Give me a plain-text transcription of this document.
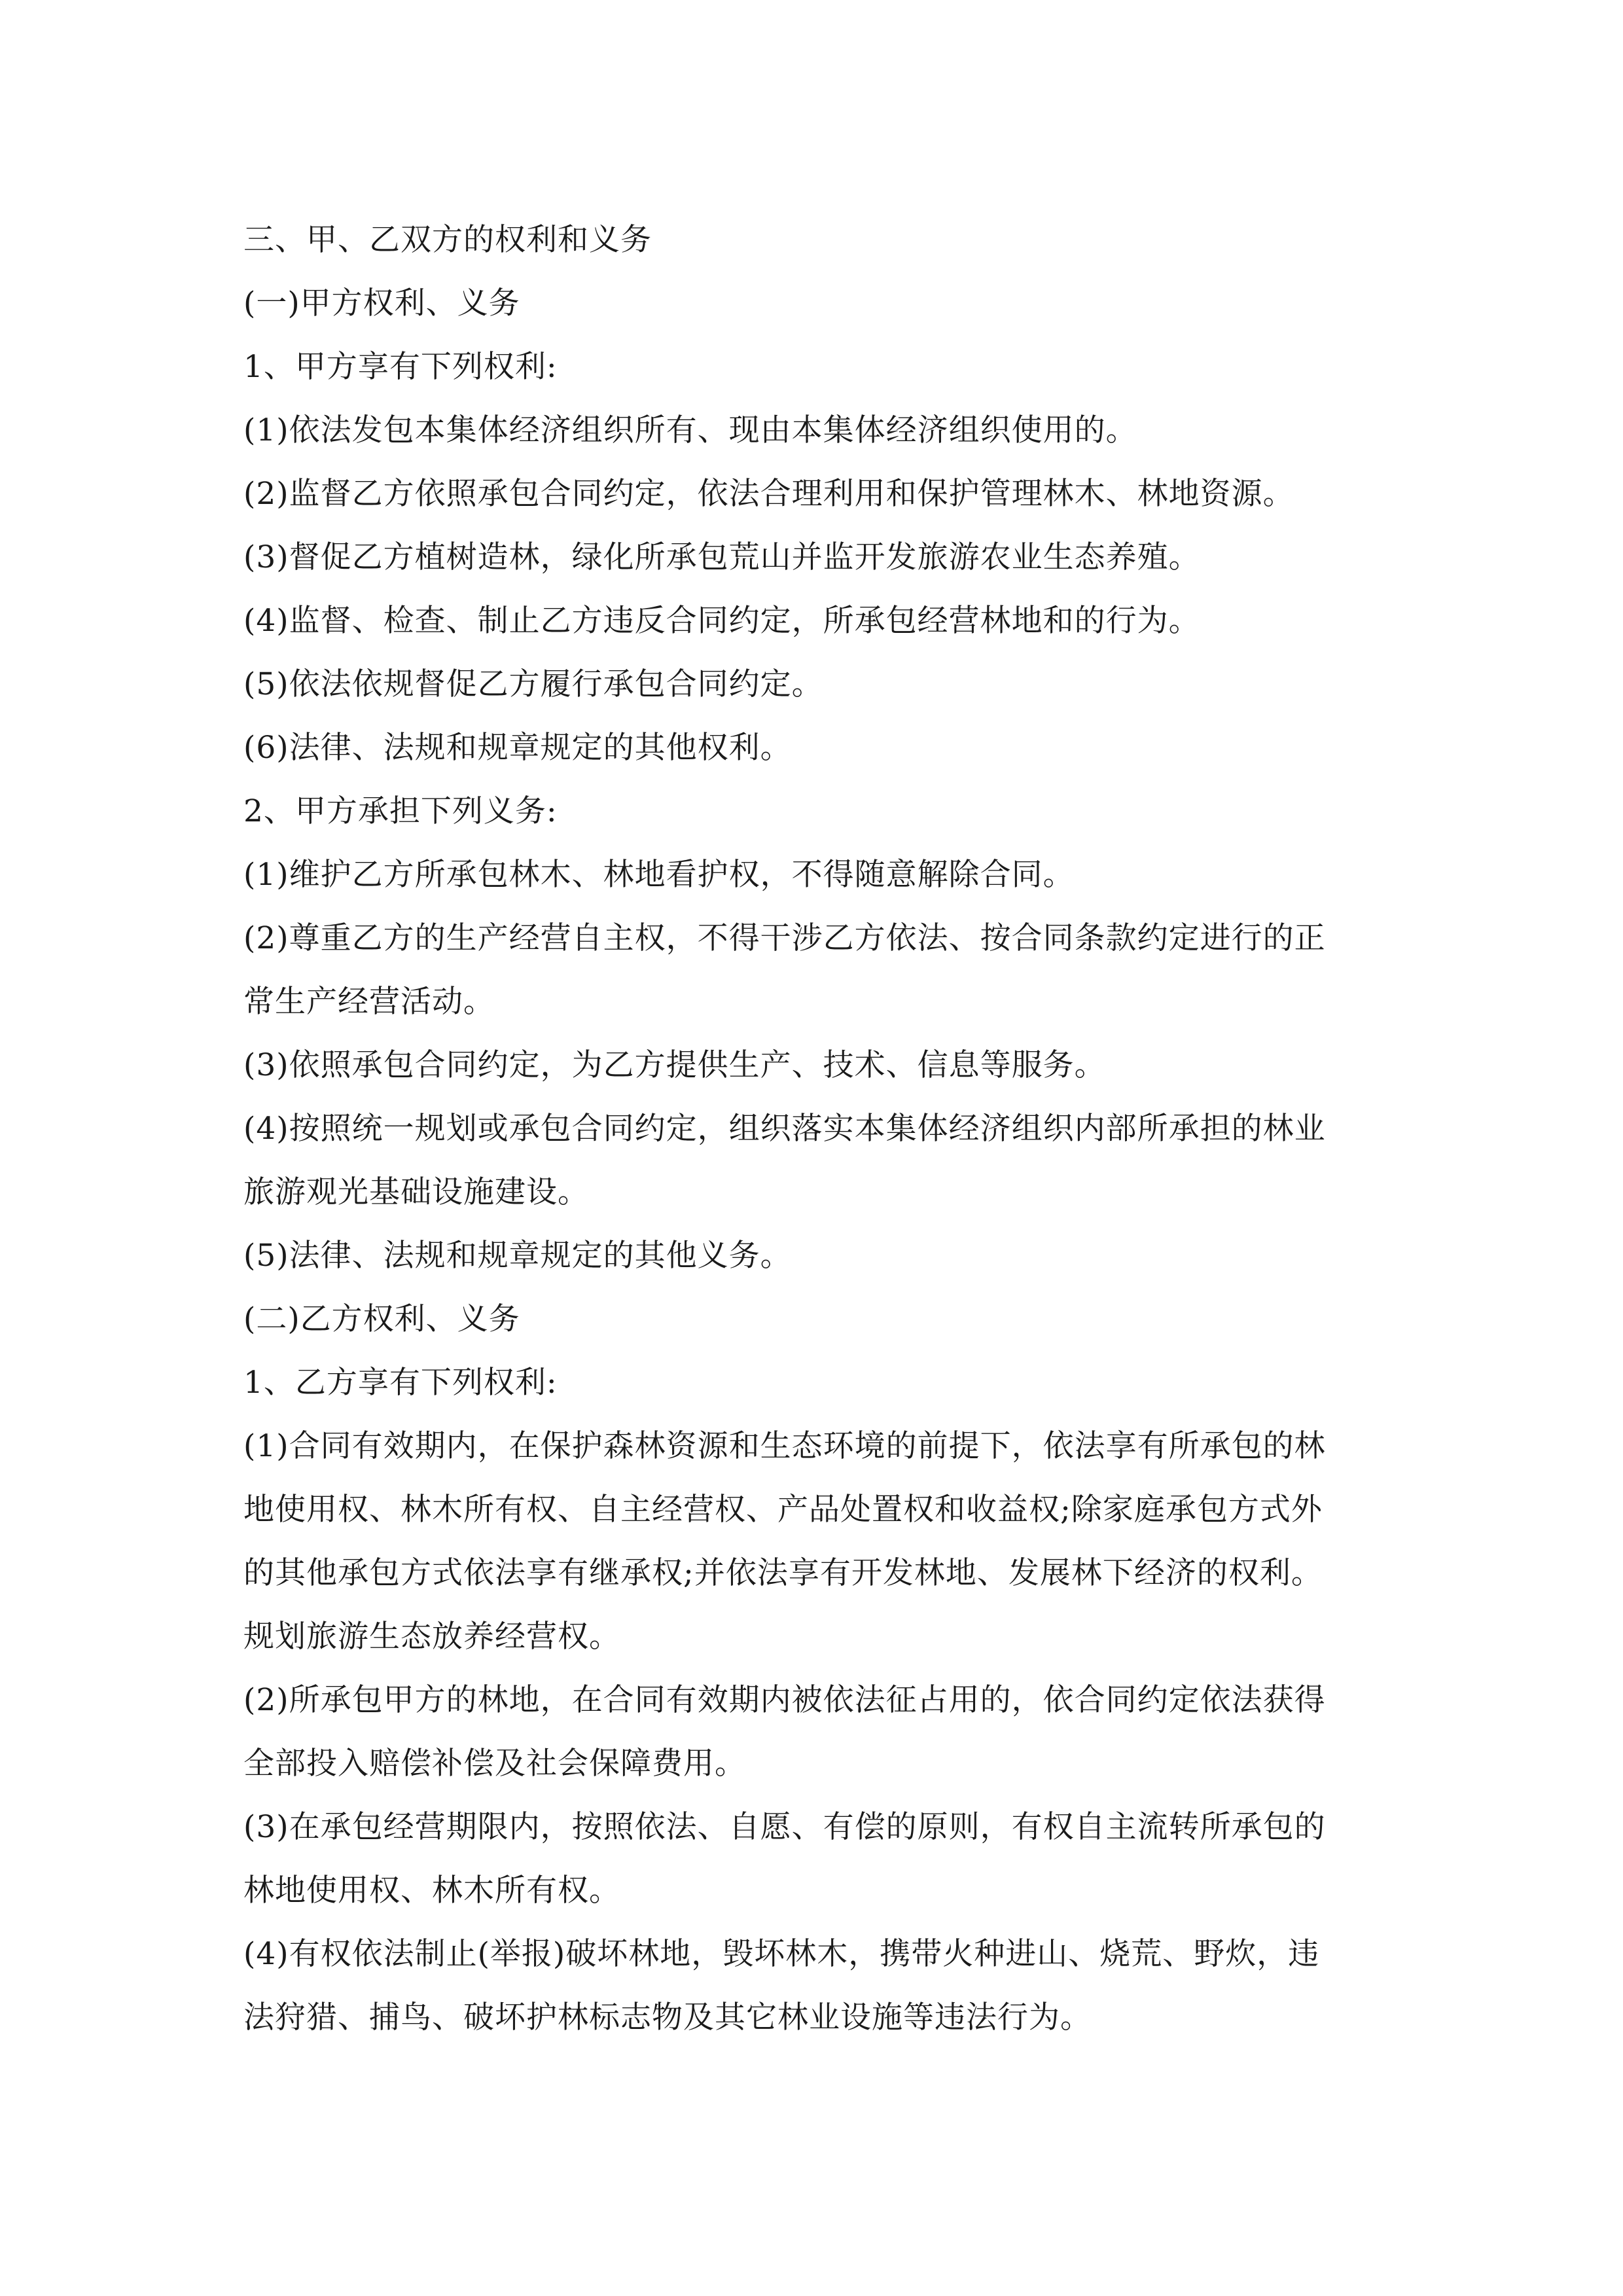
三、甲、乙双方的权利和义务
(一)甲方权利、义务
1、甲方享有下列权利:
(1)依法发包本集体经济组织所有、现由本集体经济组织使用的。
(2)监督乙方依照承包合同约定，依法合理利用和保护管理林木、林地资源。
(3)督促乙方植树造林，绿化所承包荒山并监开发旅游农业生态养殖。
(4)监督、检查、制止乙方违反合同约定，所承包经营林地和的行为。
(5)依法依规督促乙方履行承包合同约定。
(6)法律、法规和规章规定的其他权利。
2、甲方承担下列义务:
(1)维护乙方所承包林木、林地看护权，不得随意解除合同。
(2)尊重乙方的生产经营自主权，不得干涉乙方依法、按合同条款约定进行的正
常生产经营活动。
(3)依照承包合同约定，为乙方提供生产、技术、信息等服务。
(4)按照统一规划或承包合同约定，组织落实本集体经济组织内部所承担的林业
旅游观光基础设施建设。
(5)法律、法规和规章规定的其他义务。
(二)乙方权利、义务
1、乙方享有下列权利:
(1)合同有效期内，在保护森林资源和生态环境的前提下，依法享有所承包的林
地使用权、林木所有权、自主经营权、产品处置权和收益权;除家庭承包方式外
的其他承包方式依法享有继承权;并依法享有开发林地、发展林下经济的权利。
规划旅游生态放养经营权。
(2)所承包甲方的林地，在合同有效期内被依法征占用的，依合同约定依法获得
全部投入赔偿补偿及社会保障费用。
(3)在承包经营期限内，按照依法、自愿、有偿的原则，有权自主流转所承包的
林地使用权、林木所有权。
(4)有权依法制止(举报)破坏林地，毁坏林木，携带火种进山、烧荒、野炊，违
法狩猎、捕鸟、破坏护林标志物及其它林业设施等违法行为。
